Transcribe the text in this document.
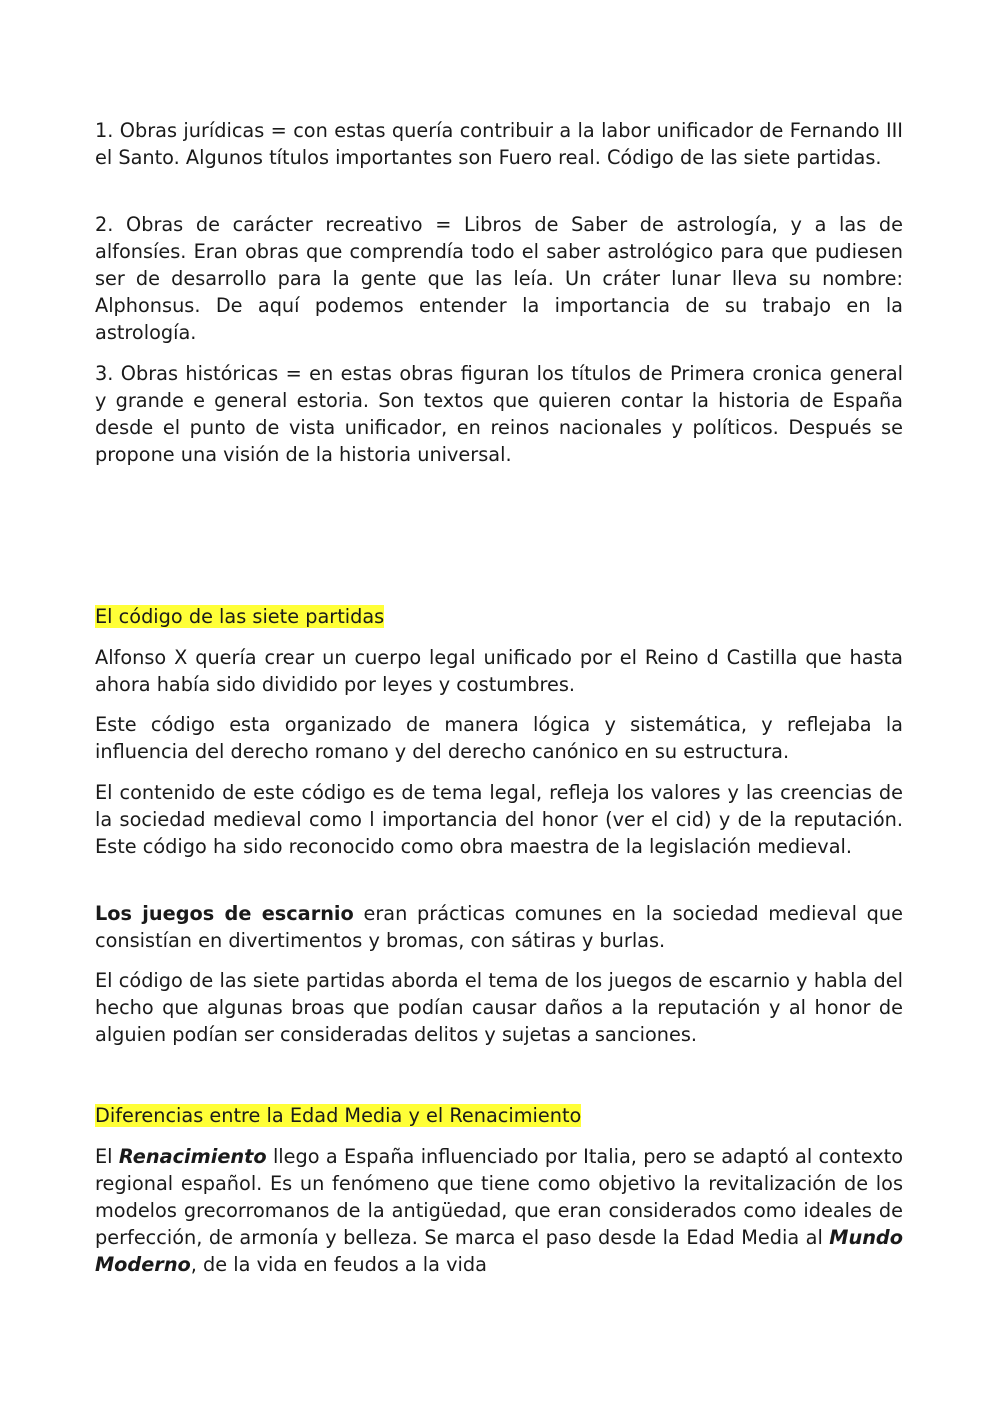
1. Obras jurídicas = con estas quería contribuir a la labor unificador de Fernando III el Santo. Algunos títulos importantes son Fuero real. Código de las siete partidas.

2. Obras de carácter recreativo = Libros de Saber de astrología, y a las de alfonsíes. Eran obras que comprendía todo el saber astrológico para que pudiesen ser de desarrollo para la gente que las leía. Un cráter lunar lleva su nombre: Alphonsus. De aquí podemos entender la importancia de su trabajo en la astrología.

3. Obras históricas = en estas obras figuran los títulos de Primera cronica general y grande e general estoria. Son textos que quieren contar la historia de España desde el punto de vista unificador, en reinos nacionales y políticos. Después se propone una visión de la historia universal.

El código de las siete partidas

Alfonso X quería crear un cuerpo legal unificado por el Reino d Castilla que hasta ahora había sido dividido por leyes y costumbres.

Este código esta organizado de manera lógica y sistemática, y reflejaba la influencia del derecho romano y del derecho canónico en su estructura.

El contenido de este código es de tema legal, refleja los valores y las creencias de la sociedad medieval como l importancia del honor (ver el cid) y de la reputación. Este código ha sido reconocido como obra maestra de la legislación medieval.

Los juegos de escarnio eran prácticas comunes en la sociedad medieval que consistían en divertimentos y bromas, con sátiras y burlas.

El código de las siete partidas aborda el tema de los juegos de escarnio y habla del hecho que algunas broas que podían causar daños a la reputación y al honor de alguien podían ser consideradas delitos y sujetas a sanciones.

Diferencias entre la Edad Media y el Renacimiento

El Renacimiento llego a España influenciado por Italia, pero se adaptó al contexto regional español. Es un fenómeno que tiene como objetivo la revitalización de los modelos grecorromanos de la antigüedad, que eran considerados como ideales de perfección, de armonía y belleza. Se marca el paso desde la Edad Media al Mundo Moderno, de la vida en feudos a la vida
